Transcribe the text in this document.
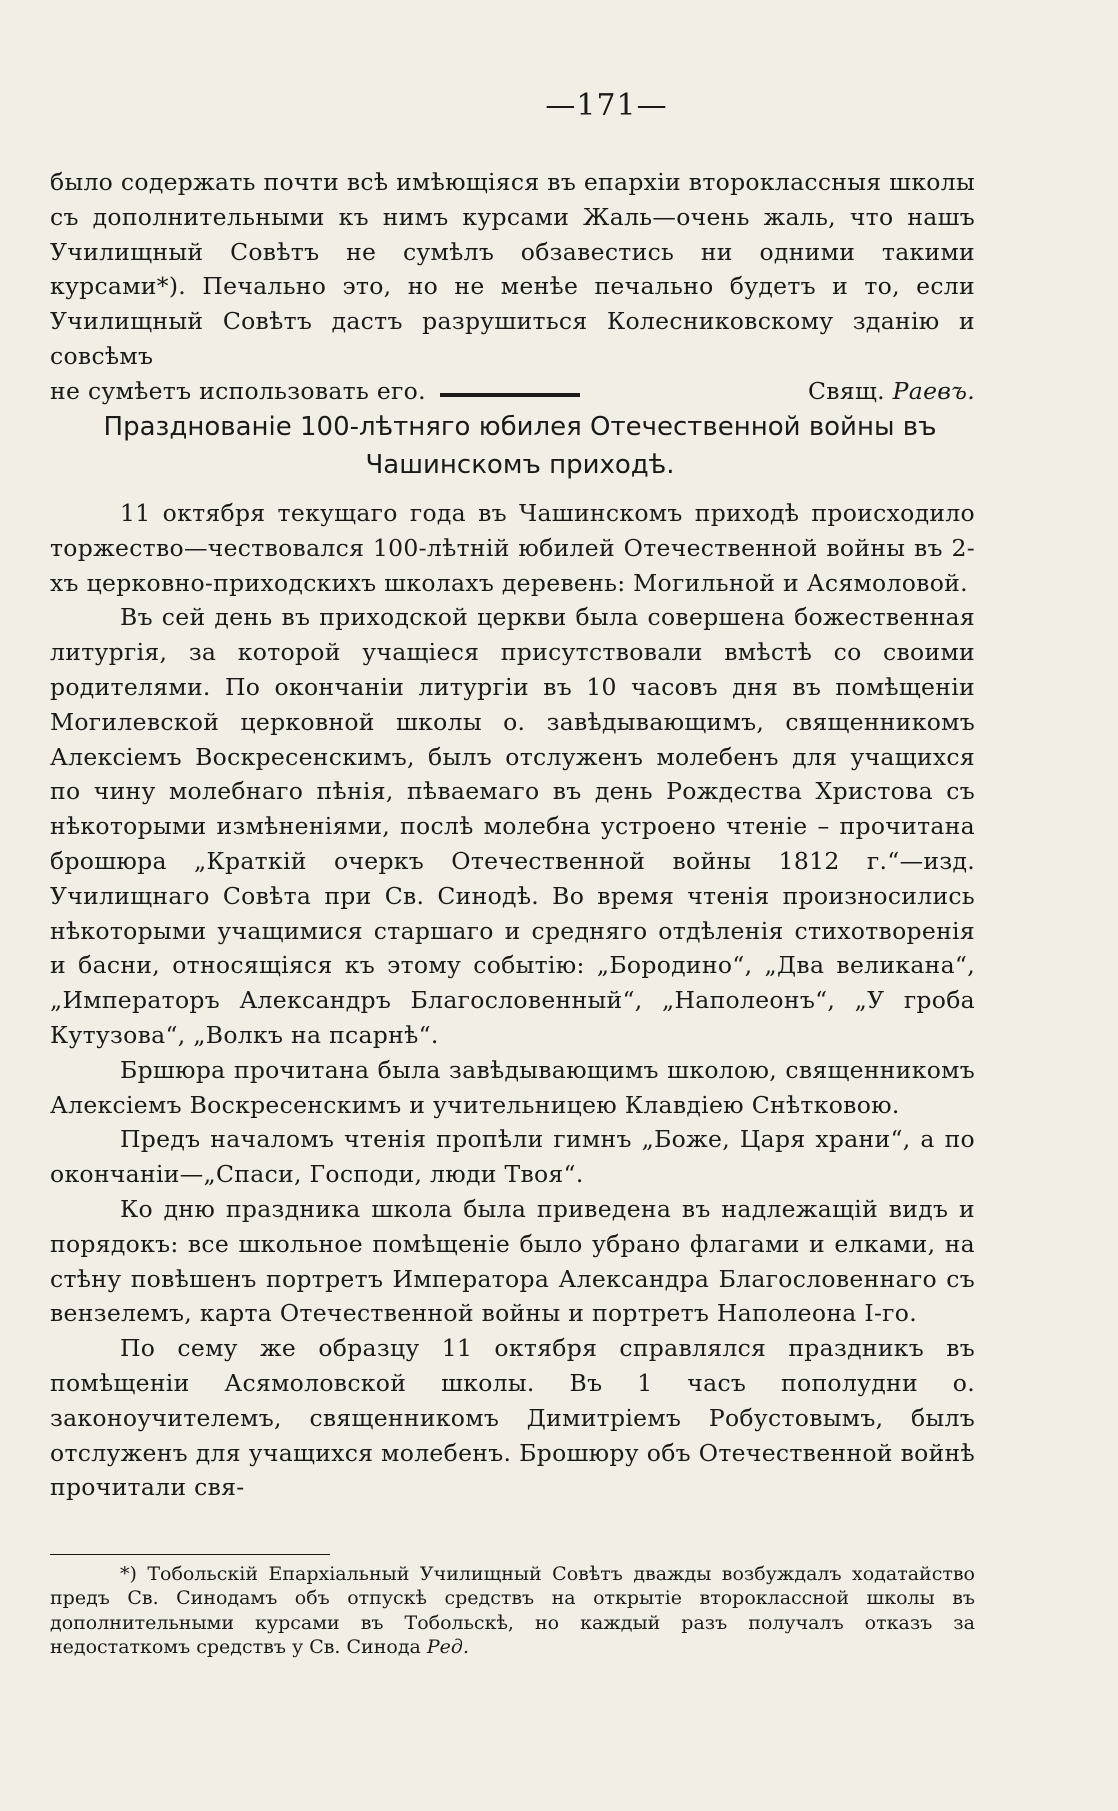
—171—
было содержать почти всѣ имѣющіяся въ епархіи второклассныя школы съ дополнительными къ нимъ курсами Жаль—очень жаль, что нашъ Училищный Совѣтъ не сумѣлъ обзавестись ни одними такими курсами*). Печально это, но не менѣе печально будетъ и то, если Училищный Совѣтъ дастъ разрушиться Колесниковскому зданію и совсѣмъ
не сумѣетъ использовать его.	Свящ. Раевъ.
Празднованіе 100-лѣтняго юбилея Отечественной войны въ
Чашинскомъ приходѣ.

11 октября текущаго года въ Чашинскомъ приходѣ происходило торжество—чествовался 100-лѣтній юбилей Отечественной войны въ 2-хъ церковно-приходскихъ школахъ деревень: Могильной и Асямоловой.

Въ сей день въ приходской церкви была совершена божественная литургія, за которой учащіеся присутствовали вмѣстѣ со своими родителями. По окончаніи литургіи въ 10 часовъ дня въ помѣщеніи Могилевской церковной школы о. завѣдывающимъ, священникомъ Алексіемъ Воскресенскимъ, былъ отслуженъ молебенъ для учащихся по чину молебнаго пѣнія, пѣваемаго въ день Рождества Христова съ нѣкоторыми измѣненіями, послѣ молебна устроено чтеніе – прочитана брошюра „Краткій очеркъ Отечественной войны 1812 г.“—изд. Училищнаго Совѣта при Св. Синодѣ. Во время чтенія произносились нѣкоторыми учащимися старшаго и средняго отдѣленія стихотворенія и басни, относящіяся къ этому событію: „Бородино“, „Два великана“, „Императоръ Александръ Благословенный“, „Наполеонъ“, „У гроба Кутузова“, „Волкъ на псарнѣ“.

Бршюра прочитана была завѣдывающимъ школою, священникомъ Алексіемъ Воскресенскимъ и учительницею Клавдіею Снѣтковою.

Предъ началомъ чтенія пропѣли гимнъ „Боже, Царя храни“, а по окончаніи—„Спаси, Господи, люди Твоя“.

Ко дню праздника школа была приведена въ надлежащій видъ и порядокъ: все школьное помѣщеніе было убрано флагами и елками, на стѣну повѣшенъ портретъ Императора Александра Благословеннаго съ вензелемъ, карта Отечественной войны и портретъ Наполеона I-го.

По сему же образцу 11 октября справлялся праздникъ въ помѣщеніи Асямоловской школы. Въ 1 часъ пополудни о. законоучителемъ, священникомъ Димитріемъ Робустовымъ, былъ отслуженъ для учащихся молебенъ. Брошюру объ Отечественной войнѣ прочитали свя-

*) Тобольскій Епархіальный Училищный Совѣтъ дважды возбуждалъ ходатайство предъ Св. Синодамъ объ отпускѣ средствъ на открытіе второклассной школы въ дополнительными курсами въ Тобольскѣ, но каждый разъ получалъ отказъ за недостаткомъ средствъ у Св. Синода Ред.
